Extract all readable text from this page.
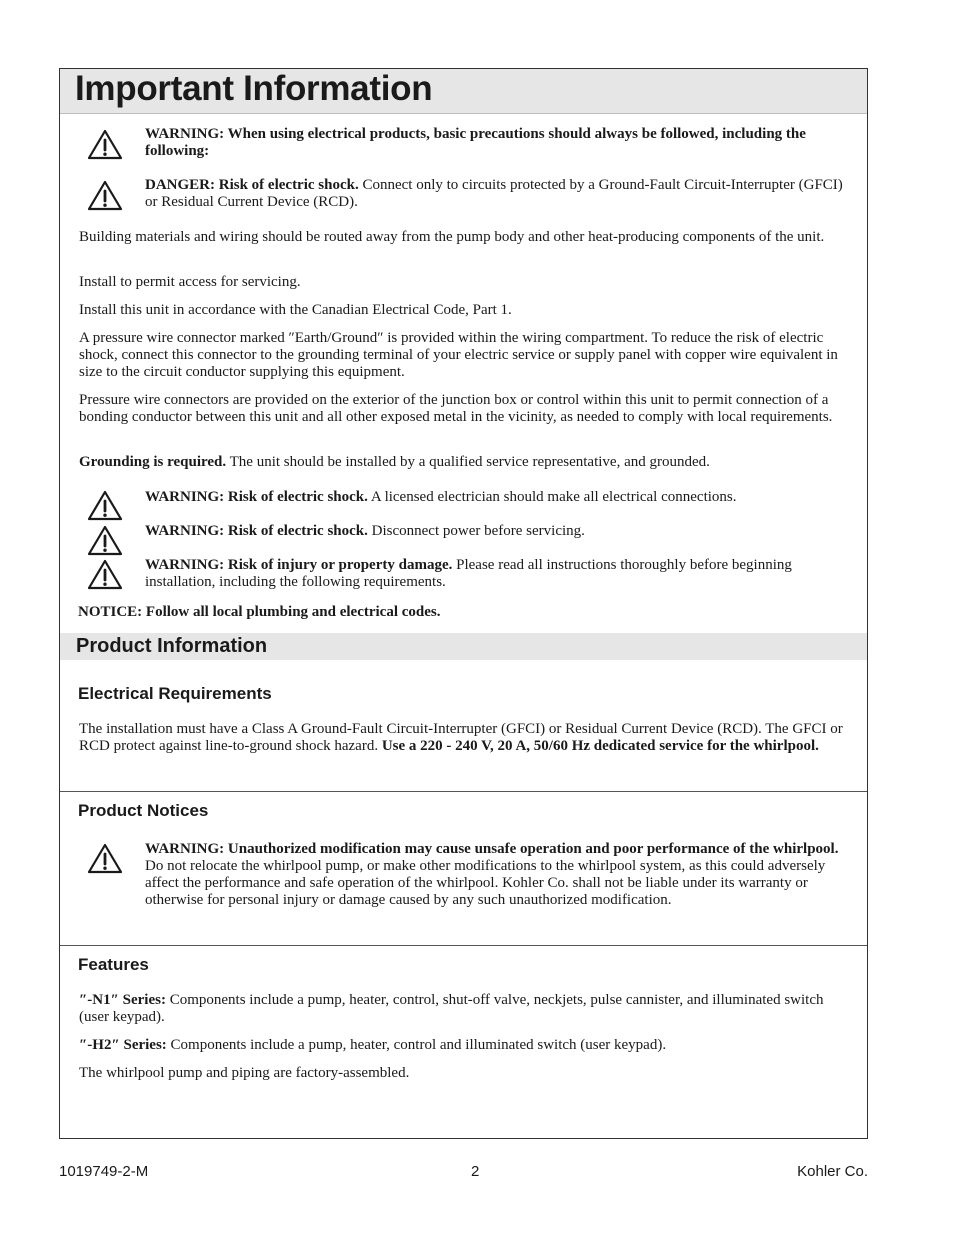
Important Information

WARNING: When using electrical products, basic precautions should always be followed, including the following:

DANGER: Risk of electric shock. Connect only to circuits protected by a Ground-Fault Circuit-Interrupter (GFCI) or Residual Current Device (RCD).

Building materials and wiring should be routed away from the pump body and other heat-producing components of the unit.

Install to permit access for servicing.

Install this unit in accordance with the Canadian Electrical Code, Part 1.

A pressure wire connector marked ″Earth/Ground″ is provided within the wiring compartment. To reduce the risk of electric shock, connect this connector to the grounding terminal of your electric service or supply panel with copper wire equivalent in size to the circuit conductor supplying this equipment.

Pressure wire connectors are provided on the exterior of the junction box or control within this unit to permit connection of a bonding conductor between this unit and all other exposed metal in the vicinity, as needed to comply with local requirements.

Grounding is required. The unit should be installed by a qualified service representative, and grounded.

WARNING: Risk of electric shock. A licensed electrician should make all electrical connections.

WARNING: Risk of electric shock. Disconnect power before servicing.

WARNING: Risk of injury or property damage. Please read all instructions thoroughly before beginning installation, including the following requirements.

NOTICE: Follow all local plumbing and electrical codes.

Product Information
Electrical Requirements

The installation must have a Class A Ground-Fault Circuit-Interrupter (GFCI) or Residual Current Device (RCD). The GFCI or RCD protect against line-to-ground shock hazard. Use a 220 - 240 V, 20 A, 50/60 Hz dedicated service for the whirlpool.

Product Notices

WARNING: Unauthorized modification may cause unsafe operation and poor performance of the whirlpool. Do not relocate the whirlpool pump, or make other modifications to the whirlpool system, as this could adversely affect the performance and safe operation of the whirlpool. Kohler Co. shall not be liable under its warranty or otherwise for personal injury or damage caused by any such unauthorized modification.

Features

″-N1″ Series: Components include a pump, heater, control, shut-off valve, neckjets, pulse cannister, and illuminated switch (user keypad).

″-H2″ Series: Components include a pump, heater, control and illuminated switch (user keypad).

The whirlpool pump and piping are factory-assembled.

1019749-2-M	2	Kohler Co.
